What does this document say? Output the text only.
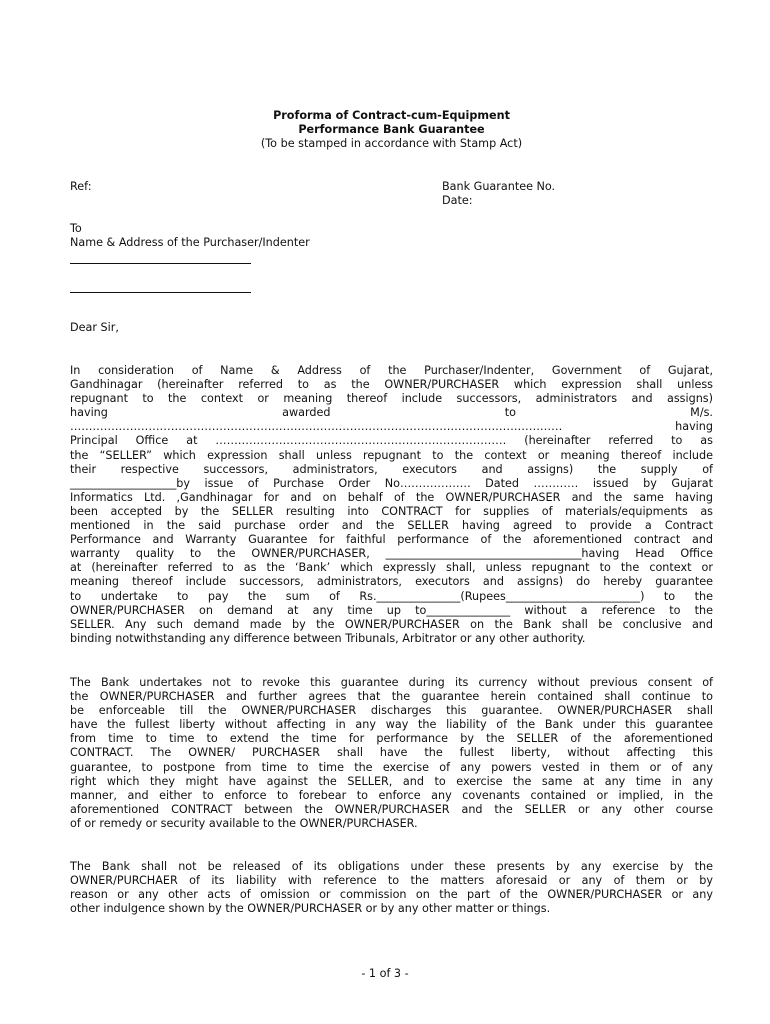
Proforma of Contract-cum-Equipment
Performance Bank Guarantee
(To be stamped in accordance with Stamp Act)
Ref:	Bank Guarantee No.
Date:
To
Name & Address of the Purchaser/Indenter
Dear Sir,
In consideration of Name & Address of the Purchaser/Indenter, Government of Gujarat,
Gandhinagar (hereinafter referred to as the OWNER/PURCHASER which expression shall unless
repugnant to the context or meaning thereof include successors, administrators and assigns)
having awarded to M/s.
…………………………………………………………………………………………………………………… having
Principal Office at …………………………………………………………………… (hereinafter referred to as
the “SELLER” which expression shall unless repugnant to the context or meaning thereof include
their respective successors, administrators, executors and assigns) the supply of
___________________by issue of Purchase Order No………………. Dated ………… issued by Gujarat
Informatics Ltd. ,Gandhinagar for and on behalf of the OWNER/PURCHASER and the same having
been accepted by the SELLER resulting into CONTRACT for supplies of materials/equipments as
mentioned in the said purchase order and the SELLER having agreed to provide a Contract
Performance and Warranty Guarantee for faithful performance of the aforementioned contract and
warranty quality to the OWNER/PURCHASER, ___________________________________having Head Office
at (hereinafter referred to as the ‘Bank’ which expressly shall, unless repugnant to the context or
meaning thereof include successors, administrators, executors and assigns) do hereby guarantee
to undertake to pay the sum of Rs._______________(Rupees________________________) to the
OWNER/PURCHASER on demand at any time up to_______________ without a reference to the
SELLER. Any such demand made by the OWNER/PURCHASER on the Bank shall be conclusive and
binding notwithstanding any difference between Tribunals, Arbitrator or any other authority.
The Bank undertakes not to revoke this guarantee during its currency without previous consent of
the OWNER/PURCHASER and further agrees that the guarantee herein contained shall continue to
be enforceable till the OWNER/PURCHASER discharges this guarantee. OWNER/PURCHASER shall
have the fullest liberty without affecting in any way the liability of the Bank under this guarantee
from time to time to extend the time for performance by the SELLER of the aforementioned
CONTRACT. The OWNER/ PURCHASER shall have the fullest liberty, without affecting this
guarantee, to postpone from time to time the exercise of any powers vested in them or of any
right which they might have against the SELLER, and to exercise the same at any time in any
manner, and either to enforce to forebear to enforce any covenants contained or implied, in the
aforementioned CONTRACT between the OWNER/PURCHASER and the SELLER or any other course
of or remedy or security available to the OWNER/PURCHASER.
The Bank shall not be released of its obligations under these presents by any exercise by the
OWNER/PURCHAER of its liability with reference to the matters aforesaid or any of them or by
reason or any other acts of omission or commission on the part of the OWNER/PURCHASER or any
other indulgence shown by the OWNER/PURCHASER or by any other matter or things.
- 1 of 3 -
